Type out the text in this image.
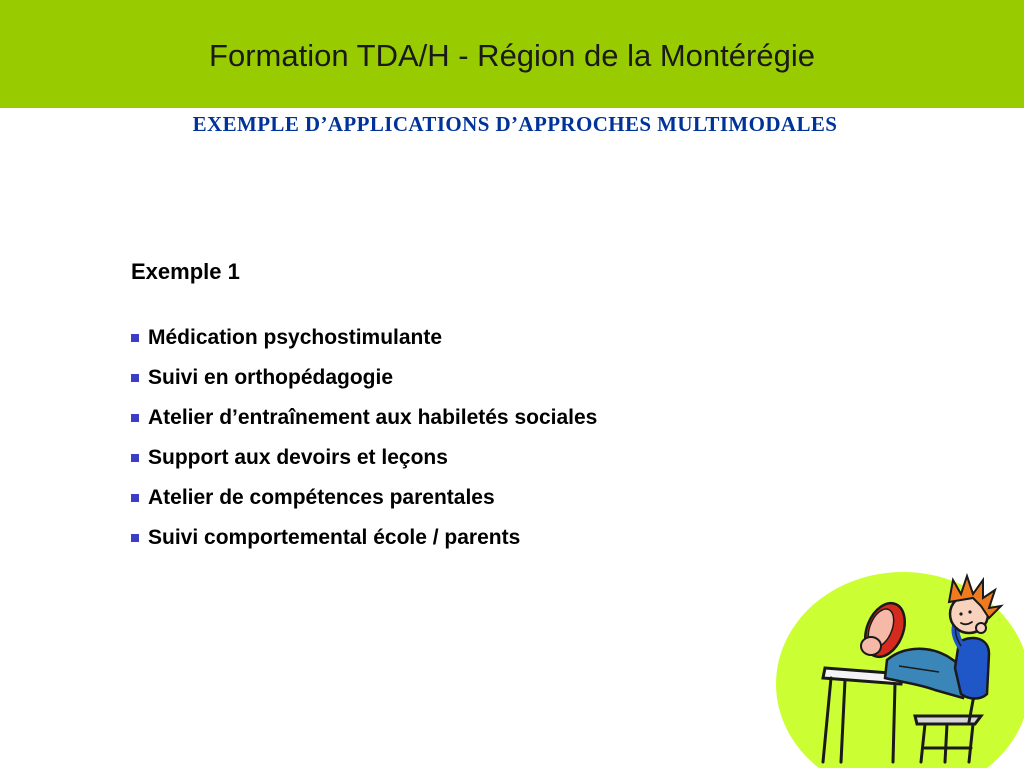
Formation TDA/H - Région de la Montérégie
EXEMPLE D’APPLICATIONS D’APPROCHES MULTIMODALES
Exemple 1
Médication psychostimulante
Suivi en orthopédagogie
Atelier d’entraînement aux habiletés sociales
Support aux devoirs et leçons
Atelier de compétences parentales
Suivi comportemental école / parents
